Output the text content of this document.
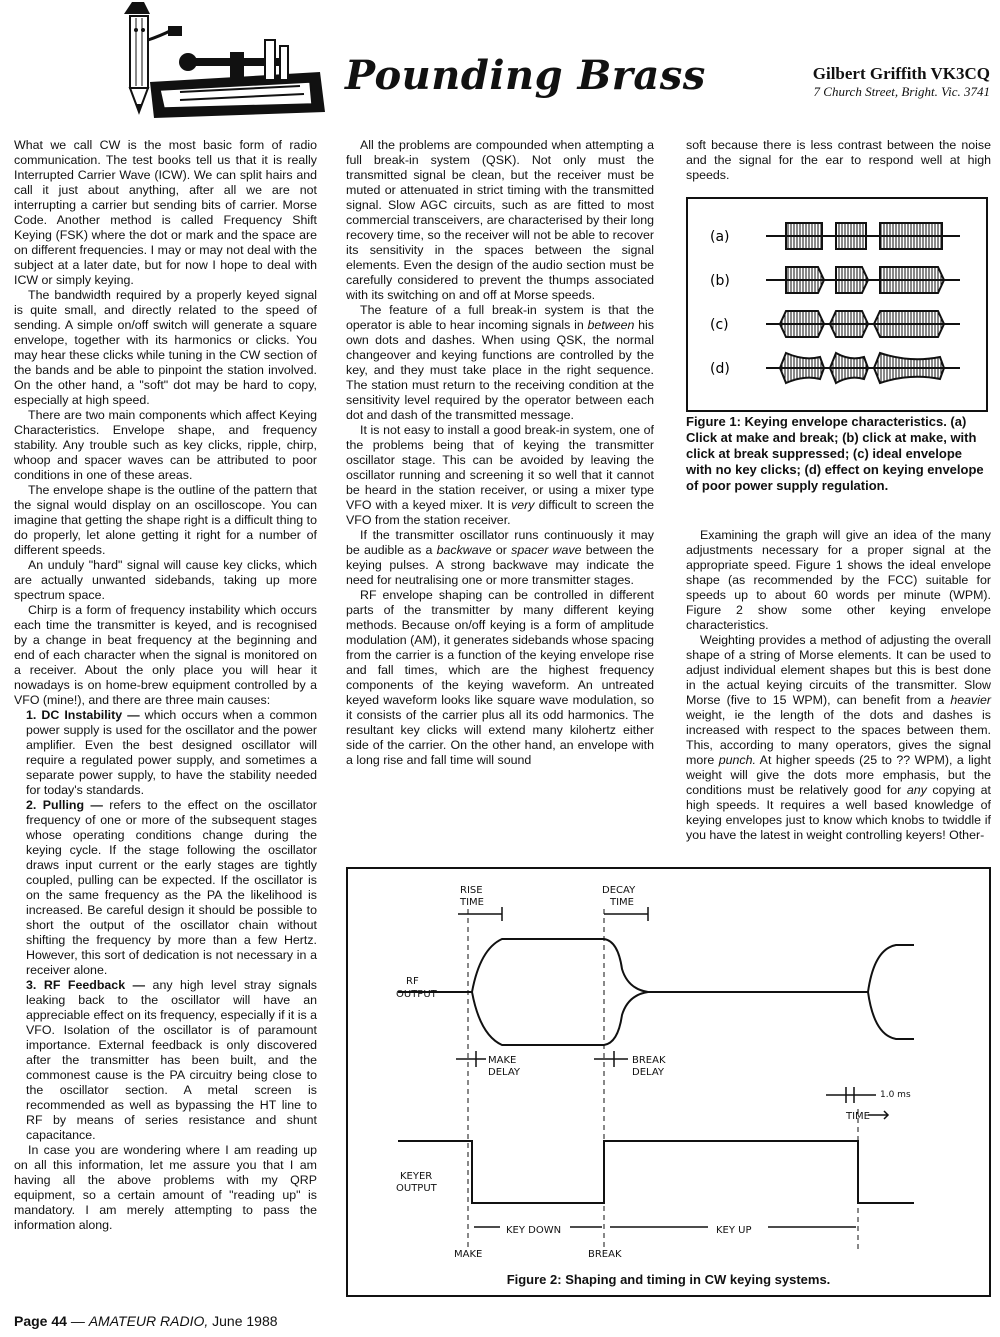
Pounding Brass	Gilbert Griffith VK3CQ
7 Church Street, Bright. Vic. 3741

What we call CW is the most basic form of radio communication. The test books tell us that it is really Interrupted Carrier Wave (ICW). We can split hairs and call it just about anything, after all we are not interrupting a carrier but sending bits of carrier. Morse Code. Another method is called Frequency Shift Keying (FSK) where the dot or mark and the space are on different frequencies. I may or may not deal with the subject at a later date, but for now I hope to deal with ICW or simply keying.

The bandwidth required by a properly keyed signal is quite small, and directly related to the speed of sending. A simple on/off switch will generate a square envelope, together with its harmonics or clicks. You may hear these clicks while tuning in the CW section of the bands and be able to pinpoint the station involved. On the other hand, a "soft" dot may be hard to copy, especially at high speed.

There are two main components which affect Keying Characteristics. Envelope shape, and frequency stability. Any trouble such as key clicks, ripple, chirp, whoop and spacer waves can be attributed to poor conditions in one of these areas.

The envelope shape is the outline of the pattern that the signal would display on an oscilloscope. You can imagine that getting the shape right is a difficult thing to do properly, let alone getting it right for a number of different speeds.

An unduly "hard" signal will cause key clicks, which are actually unwanted sidebands, taking up more spectrum space.

Chirp is a form of frequency instability which occurs each time the transmitter is keyed, and is recognised by a change in beat frequency at the beginning and end of each character when the signal is monitored on a receiver. About the only place you will hear it nowadays is on home-brew equipment controlled by a VFO (mine!), and there are three main causes:

1. DC Instability — which occurs when a common power supply is used for the oscillator and the power amplifier. Even the best designed oscillator will require a regulated power supply, and sometimes a separate power supply, to have the stability needed for today's standards.

2. Pulling — refers to the effect on the oscillator frequency of one or more of the subsequent stages whose operating conditions change during the keying cycle. If the stage following the oscillator draws input current or the early stages are tightly coupled, pulling can be expected. If the oscillator is on the same frequency as the PA the likelihood is increased. Be careful design it should be possible to short the output of the oscillator chain without shifting the frequency by more than a few Hertz. However, this sort of dedication is not necessary in a receiver alone.

3. RF Feedback — any high level stray signals leaking back to the oscillator will have an appreciable effect on its frequency, especially if it is a VFO. Isolation of the oscillator is of paramount importance. External feedback is only discovered after the transmitter has been built, and the commonest cause is the PA circuitry being close to the oscillator section. A metal screen is recommended as well as bypassing the HT line to RF by means of series resistance and shunt capacitance.

In case you are wondering where I am reading up on all this information, let me assure you that I am having all the above problems with my QRP equipment, so a certain amount of "reading up" is mandatory. I am merely attempting to pass the information along.

All the problems are compounded when attempting a full break-in system (QSK). Not only must the transmitted signal be clean, but the receiver must be muted or attenuated in strict timing with the transmitted signal. Slow AGC circuits, such as are fitted to most commercial transceivers, are characterised by their long recovery time, so the receiver will not be able to recover its sensitivity in the spaces between the signal elements. Even the design of the audio section must be carefully considered to prevent the thumps associated with its switching on and off at Morse speeds.

The feature of a full break-in system is that the operator is able to hear incoming signals in between his own dots and dashes. When using QSK, the normal changeover and keying functions are controlled by the key, and they must take place in the right sequence. The station must return to the receiving condition at the sensitivity level required by the operator between each dot and dash of the transmitted message.

It is not easy to install a good break-in system, one of the problems being that of keying the transmitter oscillator stage. This can be avoided by leaving the oscillator running and screening it so well that it cannot be heard in the station receiver, or using a mixer type VFO with a keyed mixer. It is very difficult to screen the VFO from the station receiver.

If the transmitter oscillator runs continuously it may be audible as a backwave or spacer wave between the keying pulses. A strong backwave may indicate the need for neutralising one or more transmitter stages.

RF envelope shaping can be controlled in different parts of the transmitter by many different keying methods. Because on/off keying is a form of amplitude modulation (AM), it generates sidebands whose spacing from the carrier is a function of the keying envelope rise and fall times, which are the highest frequency components of the keying waveform. An untreated keyed waveform looks like square wave modulation, so it consists of the carrier plus all its odd harmonics. The resultant key clicks will extend many kilohertz either side of the carrier. On the other hand, an envelope with a long rise and fall time will sound

soft because there is less contrast between the noise and the signal for the ear to respond well at high speeds.

(a)
(b)
(c)
(d)
Figure 1: Keying envelope characteristics. (a) Click at make and break; (b) click at make, with click at break suppressed; (c) ideal envelope with no key clicks; (d) effect on keying envelope of poor power supply regulation.

Examining the graph will give an idea of the many adjustments necessary for a proper signal at the appropriate speed. Figure 1 shows the ideal envelope shape (as recommended by the FCC) suitable for speeds up to about 60 words per minute (WPM). Figure 2 show some other keying envelope characteristics.

Weighting provides a method of adjusting the overall shape of a string of Morse elements. It can be used to adjust individual element shapes but this is best done in the actual keying circuits of the transmitter. Slow Morse (five to 15 WPM), can benefit from a heavier weight, ie the length of the dots and dashes is increased with respect to the spaces between them. This, according to many operators, gives the signal more punch. At higher speeds (25 to ?? WPM), a light weight will give the dots more emphasis, but the conditions must be relatively good for any copying at high speeds. It requires a well based knowledge of keying envelopes just to know which knobs to twiddle if you have the latest in weight controlling keyers! Other-

RISE
TIME
DECAY
TIME
RF
OUTPUT
MAKE
DELAY
BREAK
DELAY
1.0 ms
TIME
KEYER
OUTPUT
KEY DOWN	KEY UP
MAKE	BREAK
Figure 2: Shaping and timing in CW keying systems.
Page 44 — AMATEUR RADIO, June 1988
